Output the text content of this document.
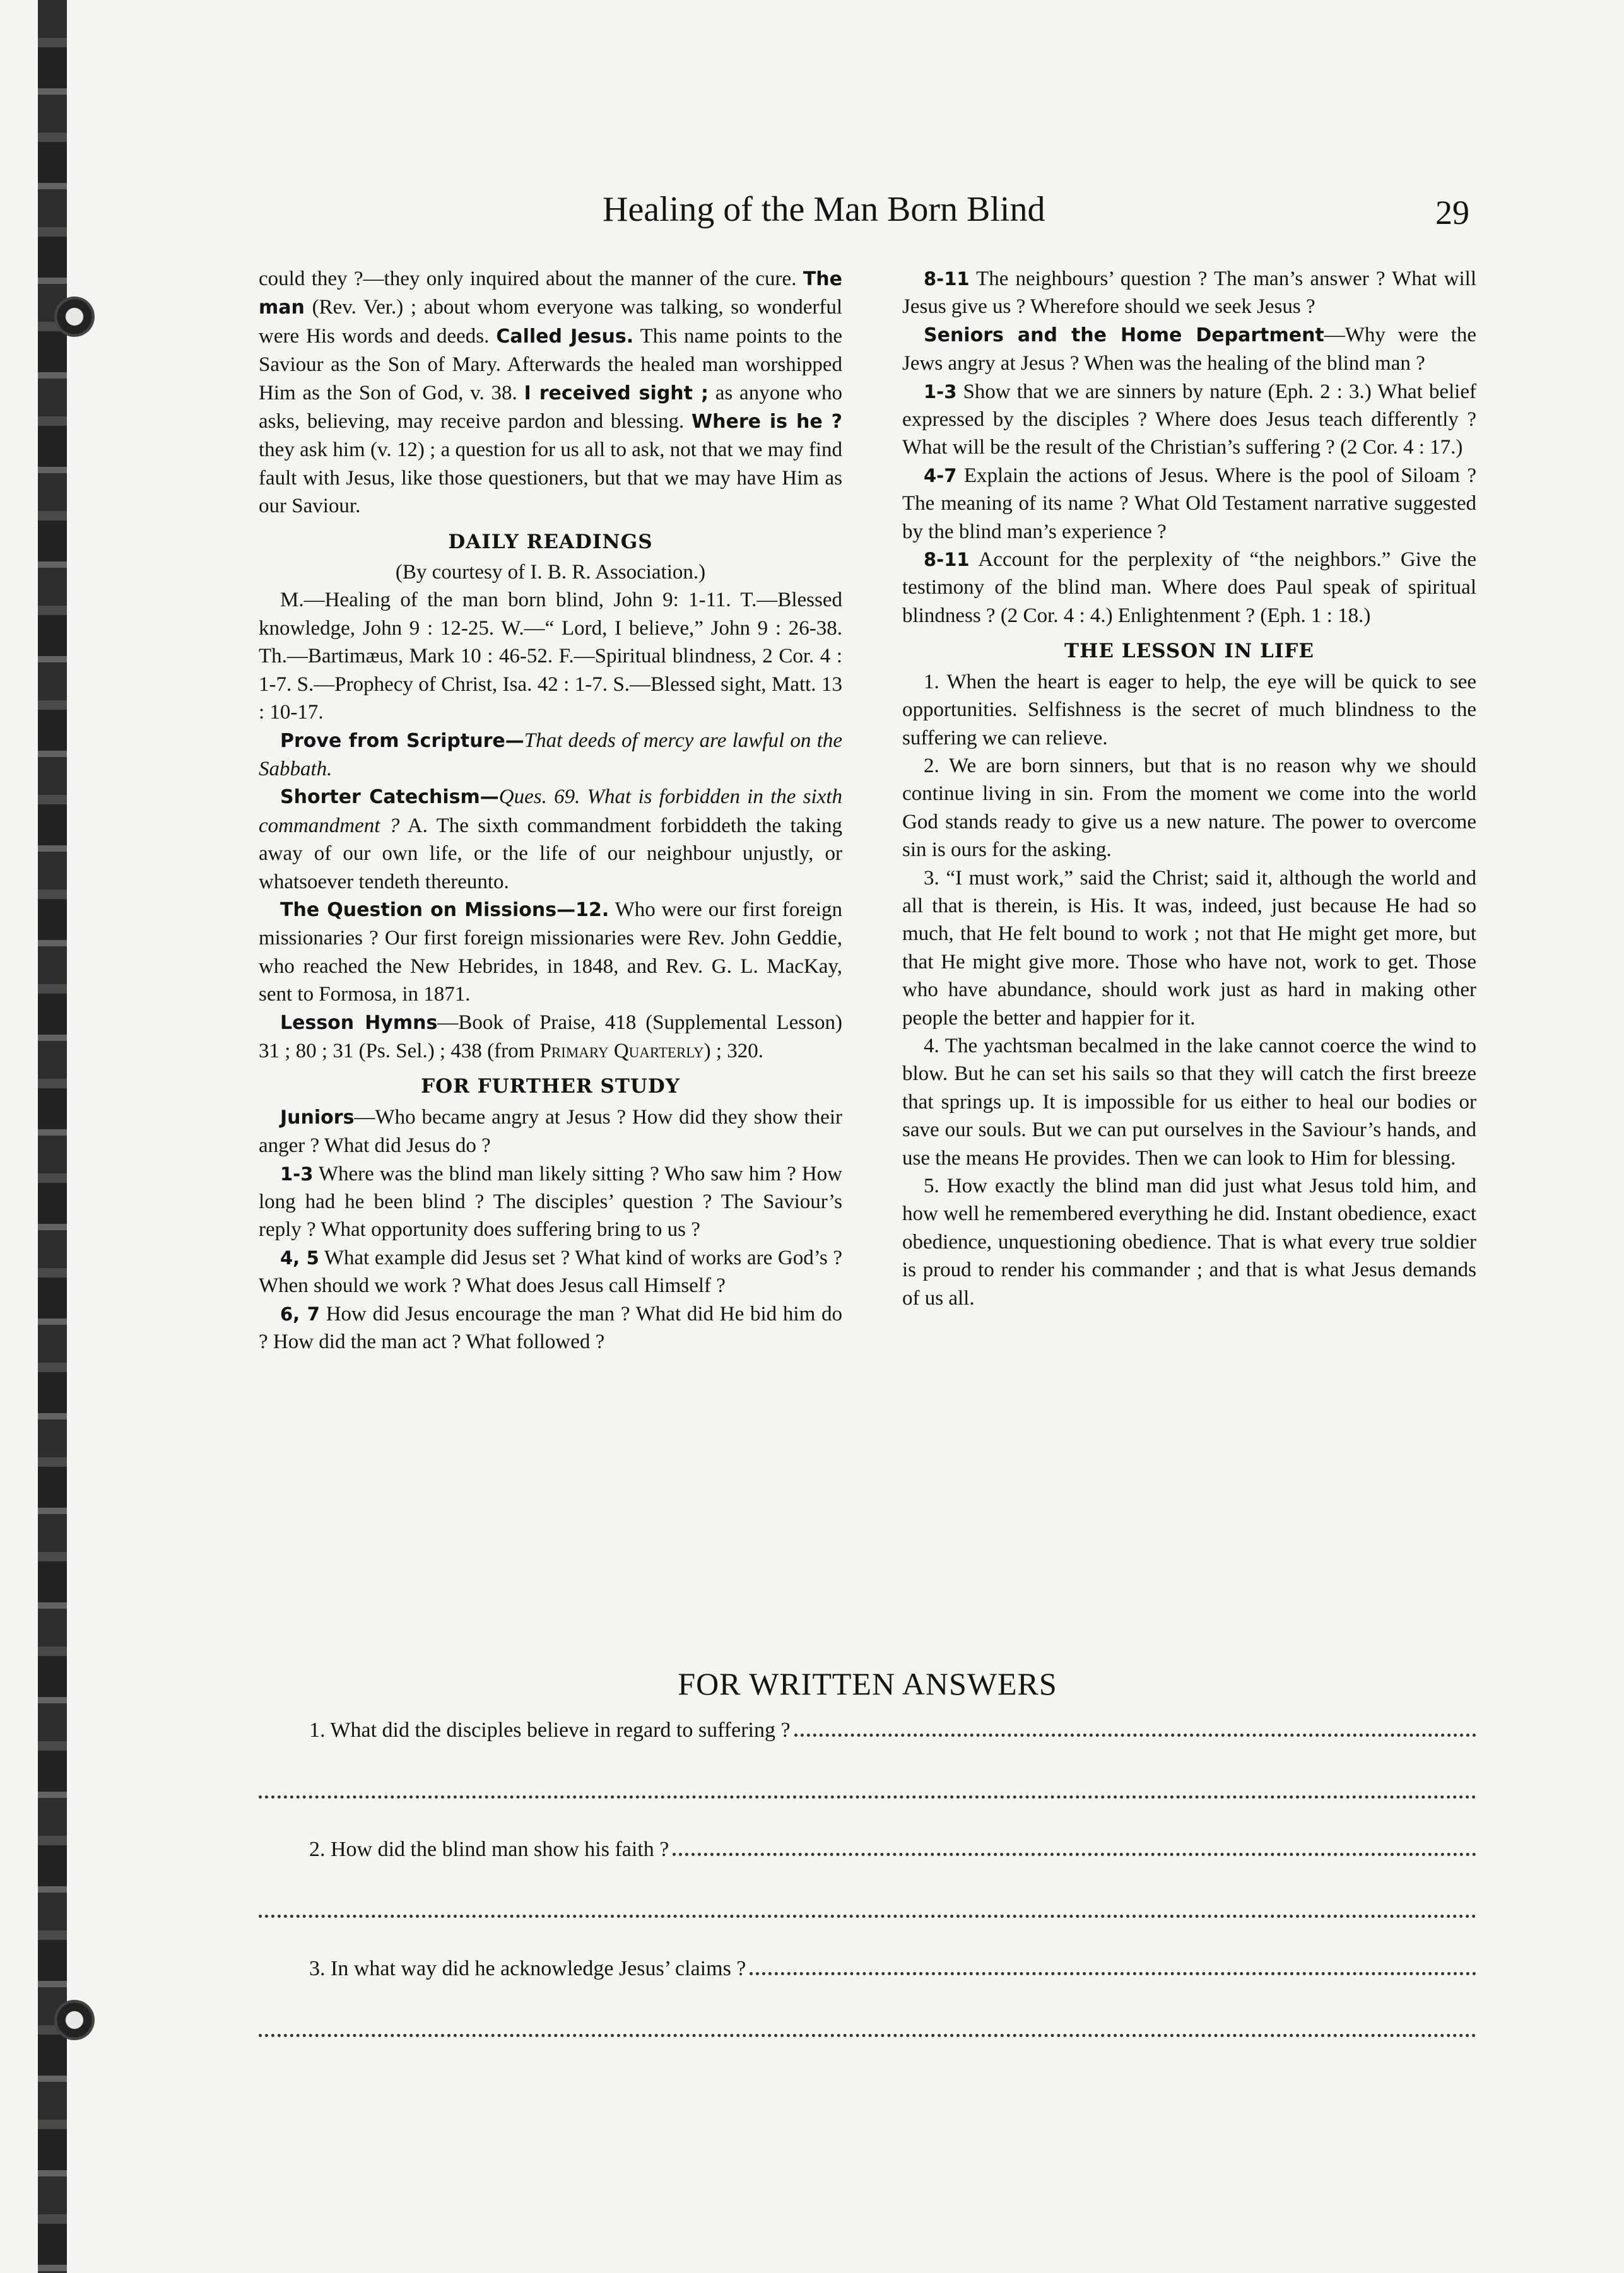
Healing of the Man Born Blind	29

could they ?—they only inquired about the manner of the cure. The man (Rev. Ver.) ; about whom everyone was talking, so wonderful were His words and deeds. Called Jesus. This name points to the Saviour as the Son of Mary. Afterwards the healed man worshipped Him as the Son of God, v. 38. I received sight ; as anyone who asks, believing, may receive pardon and blessing. Where is he ? they ask him (v. 12) ; a question for us all to ask, not that we may find fault with Jesus, like those questioners, but that we may have Him as our Saviour.

DAILY READINGS

(By courtesy of I. B. R. Association.)

M.—Healing of the man born blind, John 9: 1-11. T.—Blessed knowledge, John 9 : 12-25. W.—“ Lord, I believe,” John 9 : 26-38. Th.—Bartimæus, Mark 10 : 46-52. F.—Spiritual blindness, 2 Cor. 4 : 1-7. S.—Prophecy of Christ, Isa. 42 : 1-7. S.—Blessed sight, Matt. 13 : 10-17.

Prove from Scripture—That deeds of mercy are lawful on the Sabbath.

Shorter Catechism—Ques. 69. What is forbidden in the sixth commandment ? A. The sixth commandment forbiddeth the taking away of our own life, or the life of our neighbour unjustly, or whatsoever tendeth thereunto.

The Question on Missions—12. Who were our first foreign missionaries ? Our first foreign missionaries were Rev. John Geddie, who reached the New Hebrides, in 1848, and Rev. G. L. MacKay, sent to Formosa, in 1871.

Lesson Hymns—Book of Praise, 418 (Supplemental Lesson) 31 ; 80 ; 31 (Ps. Sel.) ; 438 (from Primary Quarterly) ; 320.

FOR FURTHER STUDY

Juniors—Who became angry at Jesus ? How did they show their anger ? What did Jesus do ?

1-3 Where was the blind man likely sitting ? Who saw him ? How long had he been blind ? The disciples’ question ? The Saviour’s reply ? What opportunity does suffering bring to us ?

4, 5 What example did Jesus set ? What kind of works are God’s ? When should we work ? What does Jesus call Himself ?

6, 7 How did Jesus encourage the man ? What did He bid him do ? How did the man act ? What followed ?

8-11 The neighbours’ question ? The man’s answer ? What will Jesus give us ? Wherefore should we seek Jesus ?

Seniors and the Home Department—Why were the Jews angry at Jesus ? When was the healing of the blind man ?

1-3 Show that we are sinners by nature (Eph. 2 : 3.) What belief expressed by the disciples ? Where does Jesus teach differently ? What will be the result of the Christian’s suffering ? (2 Cor. 4 : 17.)

4-7 Explain the actions of Jesus. Where is the pool of Siloam ? The meaning of its name ? What Old Testament narrative suggested by the blind man’s experience ?

8-11 Account for the perplexity of “the neighbors.” Give the testimony of the blind man. Where does Paul speak of spiritual blindness ? (2 Cor. 4 : 4.) Enlightenment ? (Eph. 1 : 18.)

THE LESSON IN LIFE

1. When the heart is eager to help, the eye will be quick to see opportunities. Selfishness is the secret of much blindness to the suffering we can relieve.

2. We are born sinners, but that is no reason why we should continue living in sin. From the moment we come into the world God stands ready to give us a new nature. The power to overcome sin is ours for the asking.

3. “I must work,” said the Christ; said it, although the world and all that is therein, is His. It was, indeed, just because He had so much, that He felt bound to work ; not that He might get more, but that He might give more. Those who have not, work to get. Those who have abundance, should work just as hard in making other people the better and happier for it.

4. The yachtsman becalmed in the lake cannot coerce the wind to blow. But he can set his sails so that they will catch the first breeze that springs up. It is impossible for us either to heal our bodies or save our souls. But we can put ourselves in the Saviour’s hands, and use the means He provides. Then we can look to Him for blessing.

5. How exactly the blind man did just what Jesus told him, and how well he remembered everything he did. Instant obedience, exact obedience, unquestioning obedience. That is what every true soldier is proud to render his commander ; and that is what Jesus demands of us all.

FOR WRITTEN ANSWERS
1. What did the disciples believe in regard to suffering ?
2. How did the blind man show his faith ?
3. In what way did he acknowledge Jesus’ claims ?
